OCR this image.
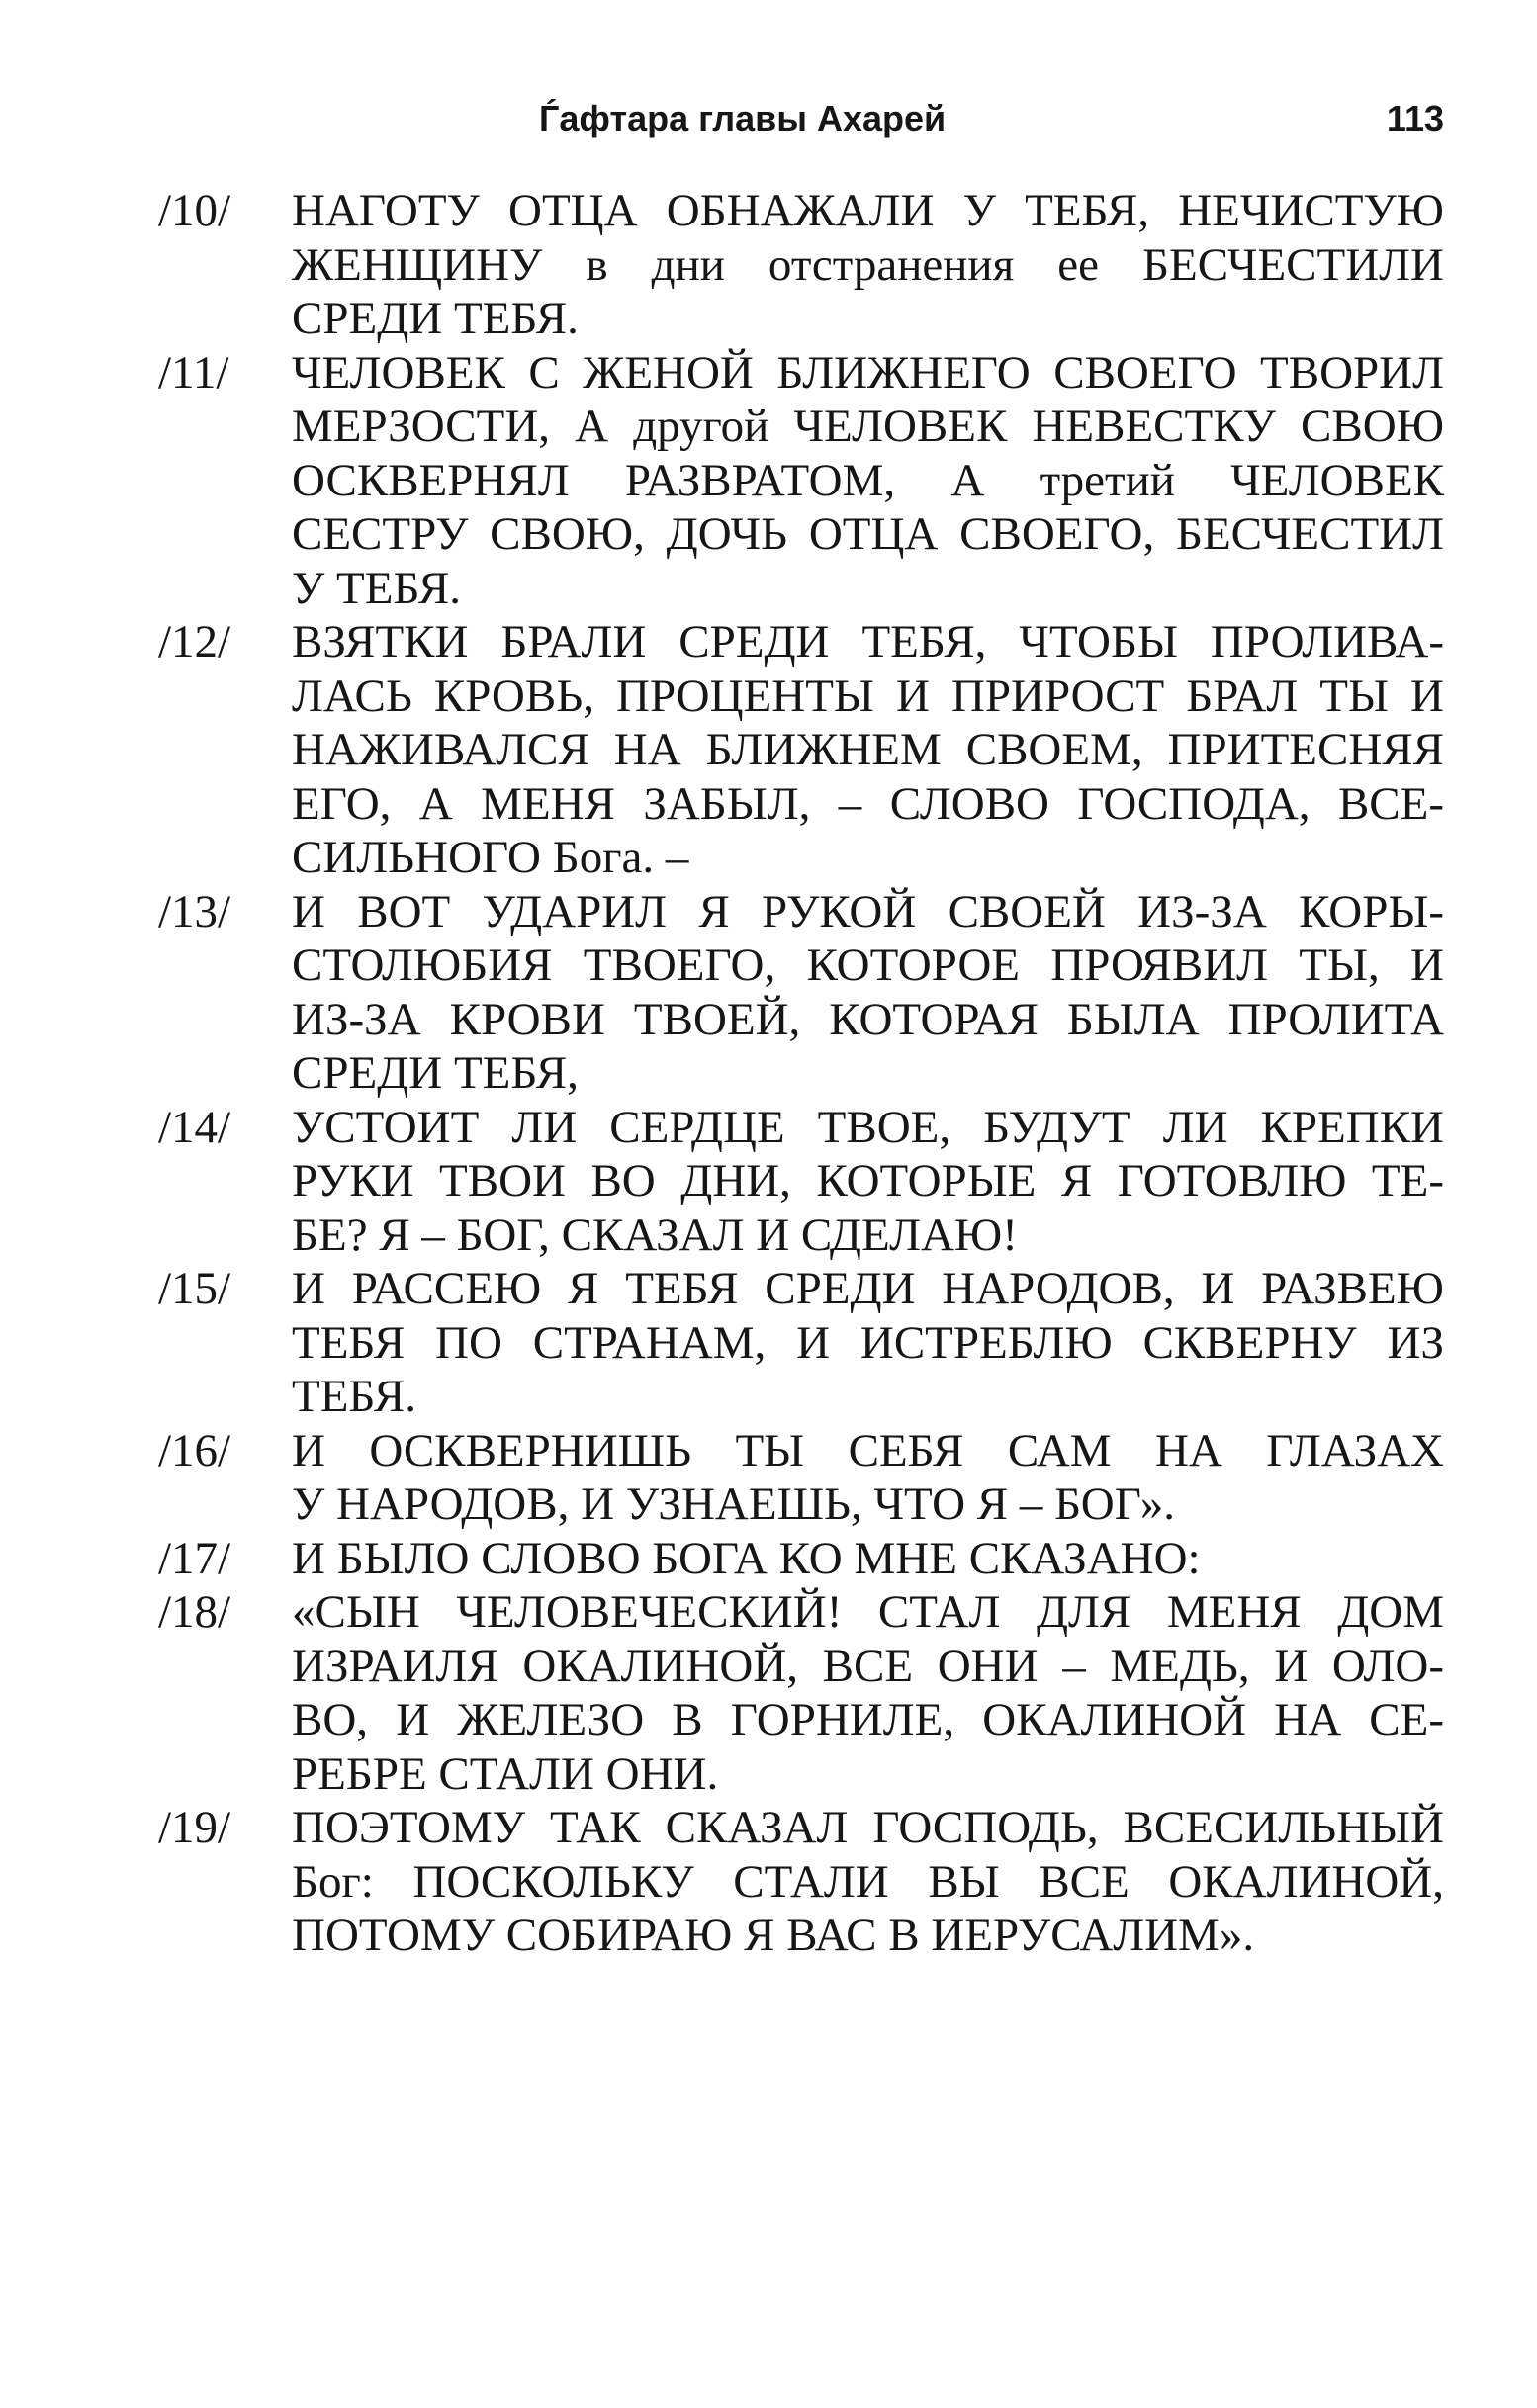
Ѓафтара главы Ахарей	113
/10/	НАГОТУ ОТЦА ОБНАЖАЛИ У ТЕБЯ, НЕЧИСТУЮ
ЖЕНЩИНУ в дни отстранения ее БЕСЧЕСТИЛИ
СРЕДИ ТЕБЯ.
/11/	ЧЕЛОВЕК С ЖЕНОЙ БЛИЖНЕГО СВОЕГО ТВОРИЛ
МЕРЗОСТИ, А другой ЧЕЛОВЕК НЕВЕСТКУ СВОЮ
ОСКВЕРНЯЛ РАЗВРАТОМ, А третий ЧЕЛОВЕК
СЕСТРУ СВОЮ, ДОЧЬ ОТЦА СВОЕГО, БЕСЧЕСТИЛ
У ТЕБЯ.
/12/	ВЗЯТКИ БРАЛИ СРЕДИ ТЕБЯ, ЧТОБЫ ПРОЛИВА-
ЛАСЬ КРОВЬ, ПРОЦЕНТЫ И ПРИРОСТ БРАЛ ТЫ И
НАЖИВАЛСЯ НА БЛИЖНЕМ СВОЕМ, ПРИТЕСНЯЯ
ЕГО, А МЕНЯ ЗАБЫЛ, – СЛОВО ГОСПОДА, ВСЕ-
СИЛЬНОГО Бога. –
/13/	И ВОТ УДАРИЛ Я РУКОЙ СВОЕЙ ИЗ-ЗА КОРЫ-
СТОЛЮБИЯ ТВОЕГО, КОТОРОЕ ПРОЯВИЛ ТЫ, И
ИЗ-ЗА КРОВИ ТВОЕЙ, КОТОРАЯ БЫЛА ПРОЛИТА
СРЕДИ ТЕБЯ,
/14/	УСТОИТ ЛИ СЕРДЦЕ ТВОЕ, БУДУТ ЛИ КРЕПКИ
РУКИ ТВОИ ВО ДНИ, КОТОРЫЕ Я ГОТОВЛЮ ТЕ-
БЕ? Я – БОГ, СКАЗАЛ И СДЕЛАЮ!
/15/	И РАССЕЮ Я ТЕБЯ СРЕДИ НАРОДОВ, И РАЗВЕЮ
ТЕБЯ ПО СТРАНАМ, И ИСТРЕБЛЮ СКВЕРНУ ИЗ
ТЕБЯ.
/16/	И ОСКВЕРНИШЬ ТЫ СЕБЯ САМ НА ГЛАЗАХ
У НАРОДОВ, И УЗНАЕШЬ, ЧТО Я – БОГ».
/17/	И БЫЛО СЛОВО БОГА КО МНЕ СКАЗАНО:
/18/	«СЫН ЧЕЛОВЕЧЕСКИЙ! СТАЛ ДЛЯ МЕНЯ ДОМ
ИЗРАИЛЯ ОКАЛИНОЙ, ВСЕ ОНИ – МЕДЬ, И ОЛО-
ВО, И ЖЕЛЕЗО В ГОРНИЛЕ, ОКАЛИНОЙ НА СЕ-
РЕБРЕ СТАЛИ ОНИ.
/19/	ПОЭТОМУ ТАК СКАЗАЛ ГОСПОДЬ, ВСЕСИЛЬНЫЙ
Бог: ПОСКОЛЬКУ СТАЛИ ВЫ ВСЕ ОКАЛИНОЙ,
ПОТОМУ СОБИРАЮ Я ВАС В ИЕРУСАЛИМ».
